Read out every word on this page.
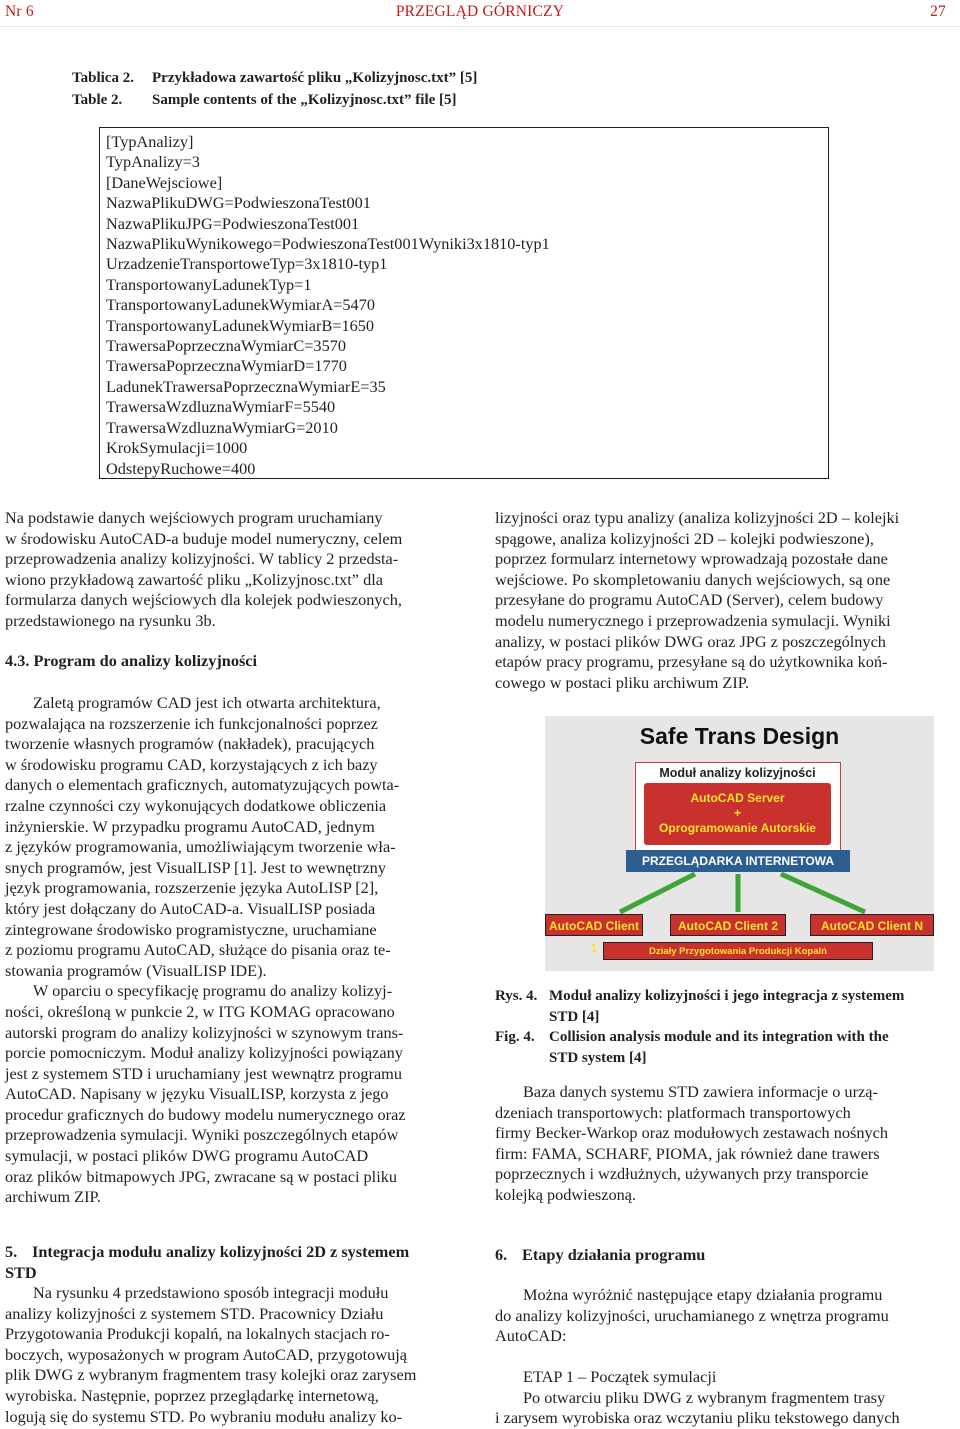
Nr 6	PRZEGLĄD GÓRNICZY	27
Tablica 2. Przykładowa zawartość pliku „Kolizyjnosc.txt” [5]
Table 2. Sample contents of the „Kolizyjnosc.txt” file [5]
[TypAnalizy]
TypAnalizy=3
[DaneWejsciowe]
NazwaPlikuDWG=PodwieszonaTest001
NazwaPlikuJPG=PodwieszonaTest001
NazwaPlikuWynikowego=PodwieszonaTest001Wyniki3x1810-typ1
UrzadzenieTransportoweTyp=3x1810-typ1
TransportowanyLadunekTyp=1
TransportowanyLadunekWymiarA=5470
TransportowanyLadunekWymiarB=1650
TrawersaPoprzecznaWymiarC=3570
TrawersaPoprzecznaWymiarD=1770
LadunekTrawersaPoprzecznaWymiarE=35
TrawersaWzdluznaWymiarF=5540
TrawersaWzdluznaWymiarG=2010
KrokSymulacji=1000
OdstepyRuchowe=400

Na podstawie danych wejściowych program uruchamiany

w środowisku AutoCAD-a buduje model numeryczny, celem

przeprowadzenia analizy kolizyjności. W tablicy 2 przedsta-

wiono przykładową zawartość pliku „Kolizyjnosc.txt” dla

formularza danych wejściowych dla kolejek podwieszonych,

przedstawionego na rysunku 3b.

4.3. Program do analizy kolizyjności

Zaletą programów CAD jest ich otwarta architektura,

pozwalająca na rozszerzenie ich funkcjonalności poprzez

tworzenie własnych programów (nakładek), pracujących

w środowisku programu CAD, korzystających z ich bazy

danych o elementach graficznych, automatyzujących powta-

rzalne czynności czy wykonujących dodatkowe obliczenia

inżynierskie. W przypadku programu AutoCAD, jednym

z języków programowania, umożliwiającym tworzenie wła-

snych programów, jest VisualLISP [1]. Jest to wewnętrzny

język programowania, rozszerzenie języka AutoLISP [2],

który jest dołączany do AutoCAD-a. VisualLISP posiada

zintegrowane środowisko programistyczne, uruchamiane

z poziomu programu AutoCAD, służące do pisania oraz te-

stowania programów (VisualLISP IDE).

W oparciu o specyfikację programu do analizy kolizyj-

ności, określoną w punkcie 2, w ITG KOMAG opracowano

autorski program do analizy kolizyjności w szynowym trans-

porcie pomocniczym. Moduł analizy kolizyjności powiązany

jest z systemem STD i uruchamiany jest wewnątrz programu

AutoCAD. Napisany w języku VisualLISP, korzysta z jego

procedur graficznych do budowy modelu numerycznego oraz

przeprowadzenia symulacji. Wyniki poszczególnych etapów

symulacji, w postaci plików DWG programu AutoCAD

oraz plików bitmapowych JPG, zwracane są w postaci pliku

archiwum ZIP.

5. Integracja modułu analizy kolizyjności 2D z systemem

STD

Na rysunku 4 przedstawiono sposób integracji modułu

analizy kolizyjności z systemem STD. Pracownicy Działu

Przygotowania Produkcji kopalń, na lokalnych stacjach ro-

boczych, wyposażonych w program AutoCAD, przygotowują

plik DWG z wybranym fragmentem trasy kolejki oraz zarysem

wyrobiska. Następnie, poprzez przeglądarkę internetową,

logują się do systemu STD. Po wybraniu modułu analizy ko-

lizyjności oraz typu analizy (analiza kolizyjności 2D – kolejki

spągowe, analiza kolizyjności 2D – kolejki podwieszone),

poprzez formularz internetowy wprowadzają pozostałe dane

wejściowe. Po skompletowaniu danych wejściowych, są one

przesyłane do programu AutoCAD (Server), celem budowy

modelu numerycznego i przeprowadzenia symulacji. Wyniki

analizy, w postaci plików DWG oraz JPG z poszczególnych

etapów pracy programu, przesyłane są do użytkownika koń-

cowego w postaci pliku archiwum ZIP.

Safe Trans Design
Moduł analizy kolizyjności
AutoCAD Server
+
Oprogramowanie Autorskie
PRZEGLĄDARKA INTERNETOWA
AutoCAD Client 1
AutoCAD Client 2	AutoCAD Client N
Działy Przygotowania Produkcji Kopalń
Rys. 4. Moduł analizy kolizyjności i jego integracja z systemem
STD [4]
Fig. 4. Collision analysis module and its integration with the
STD system [4]

Baza danych systemu STD zawiera informacje o urzą-

dzeniach transportowych: platformach transportowych

firmy Becker-Warkop oraz modułowych zestawach nośnych

firm: FAMA, SCHARF, PIOMA, jak również dane trawers

poprzecznych i wzdłużnych, używanych przy transporcie

kolejką podwieszoną.

6. Etapy działania programu

Można wyróżnić następujące etapy działania programu

do analizy kolizyjności, uruchamianego z wnętrza programu

AutoCAD:

ETAP 1 – Początek symulacji

Po otwarciu pliku DWG z wybranym fragmentem trasy

i zarysem wyrobiska oraz wczytaniu pliku tekstowego danych
